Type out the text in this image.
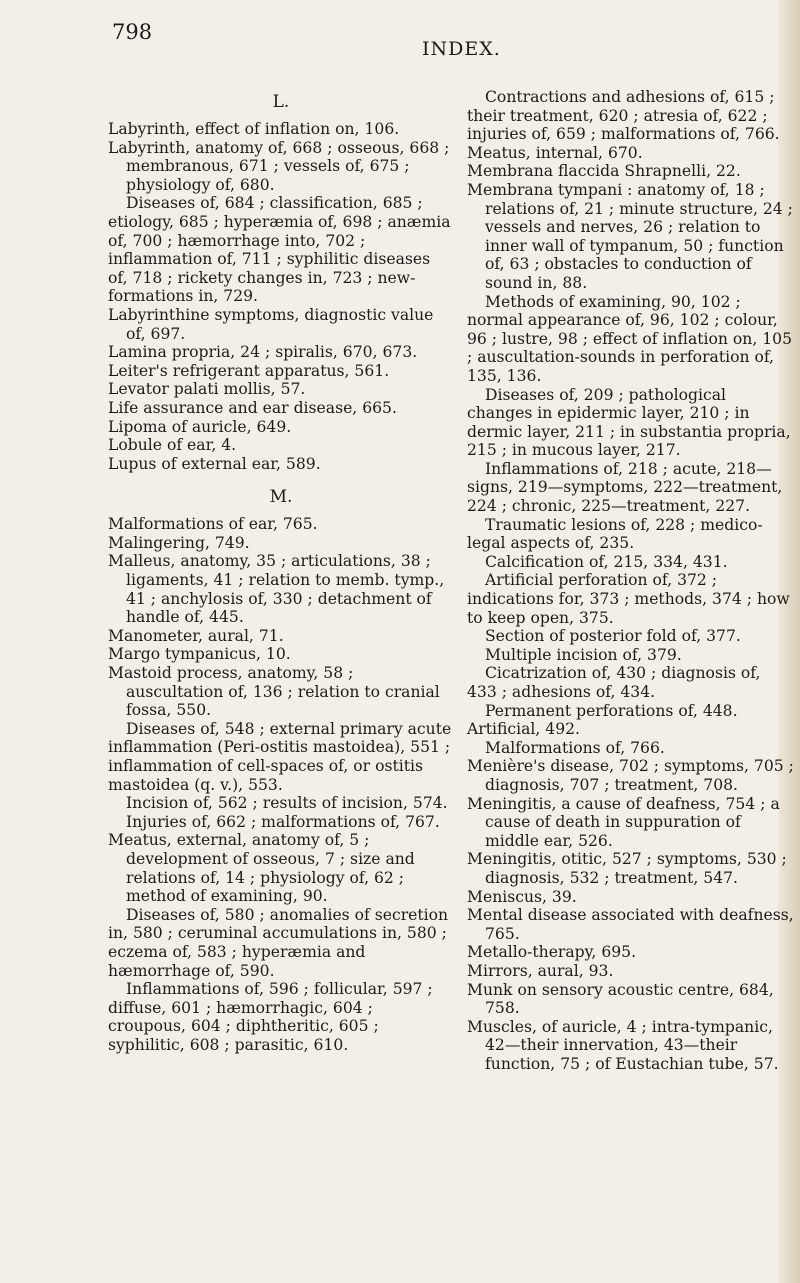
798
INDEX.
L.

Labyrinth, effect of inflation on, 106.

Labyrinth, anatomy of, 668 ; osseous, 668 ; membranous, 671 ; vessels of, 675 ; physiology of, 680.

Diseases of, 684 ; classification, 685 ; etiology, 685 ; hyperæmia of, 698 ; anæmia of, 700 ; hæmorrhage into, 702 ; inflammation of, 711 ; syphilitic diseases of, 718 ; rickety changes in, 723 ; new-formations in, 729.

Labyrinthine symptoms, diagnostic value of, 697.

Lamina propria, 24 ; spiralis, 670, 673.

Leiter's refrigerant apparatus, 561.

Levator palati mollis, 57.

Life assurance and ear disease, 665.

Lipoma of auricle, 649.

Lobule of ear, 4.

Lupus of external ear, 589.

M.

Malformations of ear, 765.

Malingering, 749.

Malleus, anatomy, 35 ; articulations, 38 ; ligaments, 41 ; relation to memb. tymp., 41 ; anchylosis of, 330 ; detachment of handle of, 445.

Manometer, aural, 71.

Margo tympanicus, 10.

Mastoid process, anatomy, 58 ; auscultation of, 136 ; relation to cranial fossa, 550.

Diseases of, 548 ; external primary acute inflammation (Peri-ostitis mastoidea), 551 ; inflammation of cell-spaces of, or ostitis mastoidea (q. v.), 553.

Incision of, 562 ; results of incision, 574.

Injuries of, 662 ; malformations of, 767.

Meatus, external, anatomy of, 5 ; development of osseous, 7 ; size and relations of, 14 ; physiology of, 62 ; method of examining, 90.

Diseases of, 580 ; anomalies of secretion in, 580 ; ceruminal accumulations in, 580 ; eczema of, 583 ; hyperæmia and hæmorrhage of, 590.

Inflammations of, 596 ; follicular, 597 ; diffuse, 601 ; hæmorrhagic, 604 ; croupous, 604 ; diphtheritic, 605 ; syphilitic, 608 ; parasitic, 610.

Contractions and adhesions of, 615 ; their treatment, 620 ; atresia of, 622 ; injuries of, 659 ; malformations of, 766.

Meatus, internal, 670.

Membrana flaccida Shrapnelli, 22.

Membrana tympani : anatomy of, 18 ; relations of, 21 ; minute structure, 24 ; vessels and nerves, 26 ; relation to inner wall of tympanum, 50 ; function of, 63 ; obstacles to conduction of sound in, 88.

Methods of examining, 90, 102 ; normal appearance of, 96, 102 ; colour, 96 ; lustre, 98 ; effect of inflation on, 105 ; auscultation-sounds in perforation of, 135, 136.

Diseases of, 209 ; pathological changes in epidermic layer, 210 ; in dermic layer, 211 ; in substantia propria, 215 ; in mucous layer, 217.

Inflammations of, 218 ; acute, 218—signs, 219—symptoms, 222—treatment, 224 ; chronic, 225—treatment, 227.

Traumatic lesions of, 228 ; medico-legal aspects of, 235.

Calcification of, 215, 334, 431.

Artificial perforation of, 372 ; indications for, 373 ; methods, 374 ; how to keep open, 375.

Section of posterior fold of, 377.

Multiple incision of, 379.

Cicatrization of, 430 ; diagnosis of, 433 ; adhesions of, 434.

Permanent perforations of, 448. Artificial, 492.

Malformations of, 766.

Menière's disease, 702 ; symptoms, 705 ; diagnosis, 707 ; treatment, 708.

Meningitis, a cause of deafness, 754 ; a cause of death in suppuration of middle ear, 526.

Meningitis, otitic, 527 ; symptoms, 530 ; diagnosis, 532 ; treatment, 547.

Meniscus, 39.

Mental disease associated with deafness, 765.

Metallo-therapy, 695.

Mirrors, aural, 93.

Munk on sensory acoustic centre, 684, 758.

Muscles, of auricle, 4 ; intra-tympanic, 42—their innervation, 43—their function, 75 ; of Eustachian tube, 57.
